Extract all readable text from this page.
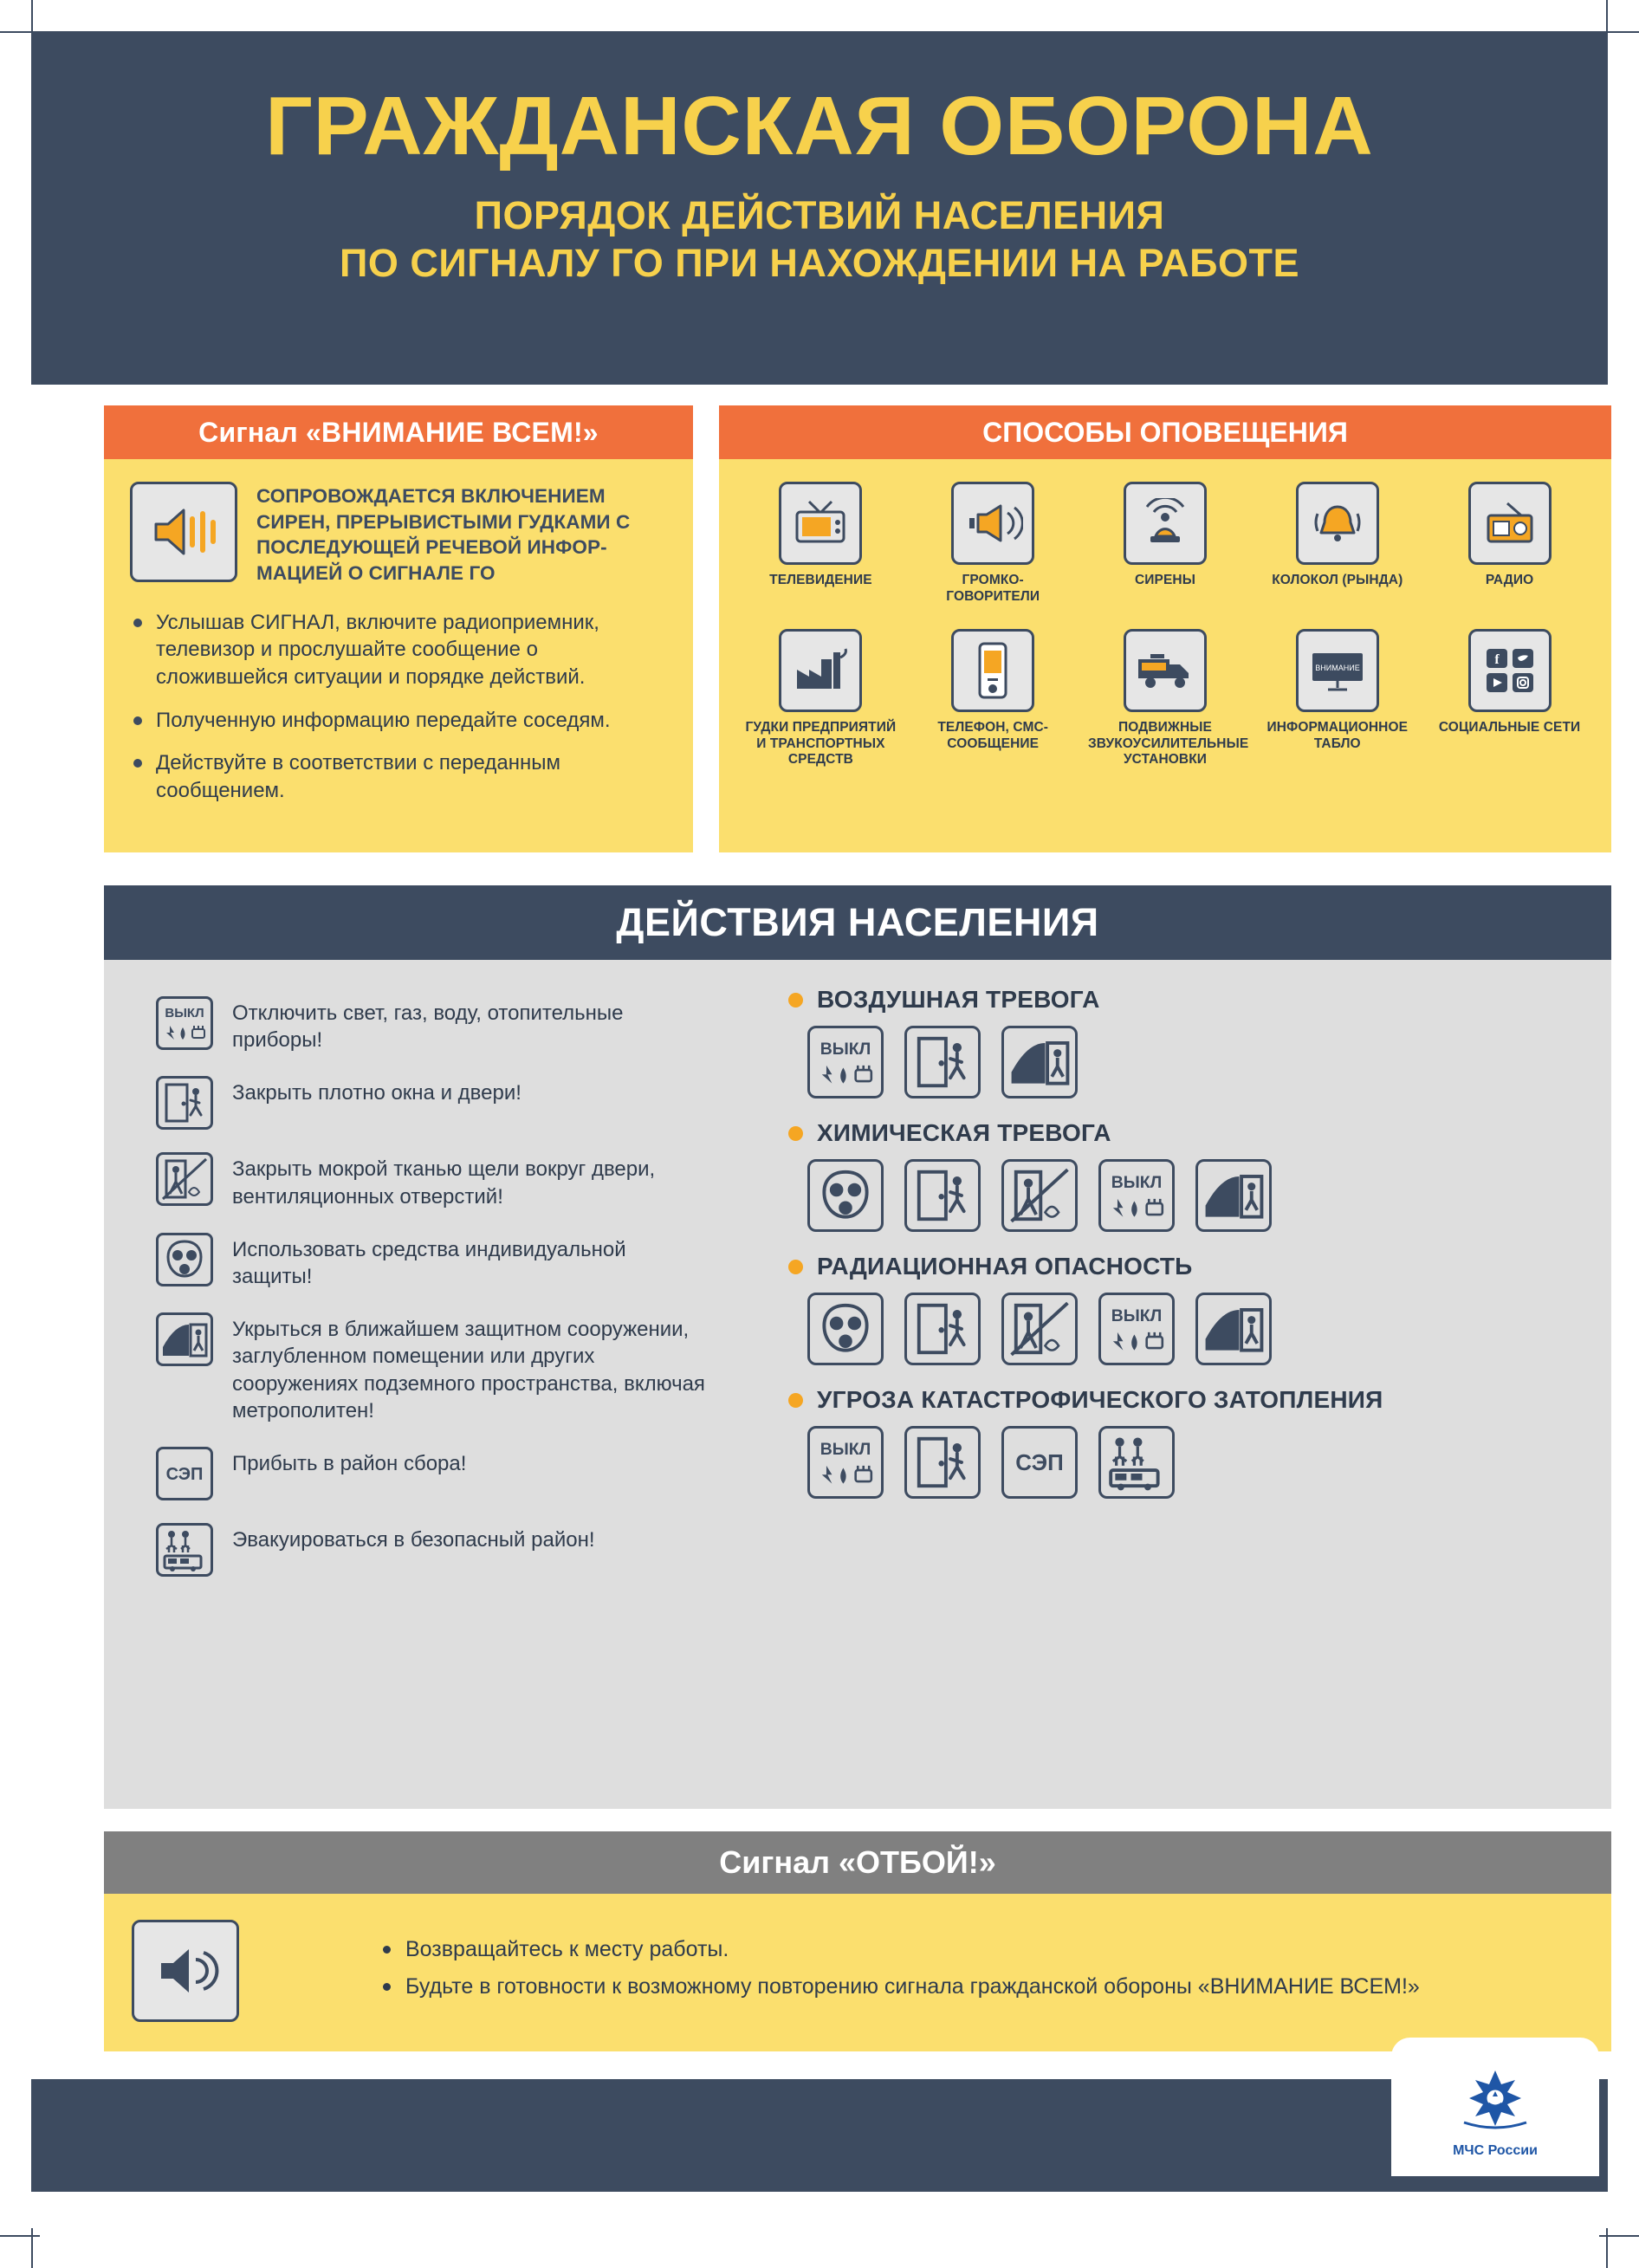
ГРАЖДАНСКАЯ ОБОРОНА
ПОРЯДОК ДЕЙСТВИЙ НАСЕЛЕНИЯ
ПО СИГНАЛУ ГО ПРИ НАХОЖДЕНИИ НА РАБОТЕ
Сигнал «ВНИМАНИЕ ВСЕМ!»

СОПРОВОЖДАЕТСЯ ВКЛЮЧЕНИЕМ СИРЕН, ПРЕРЫВИСТЫМИ ГУДКАМИ С ПОСЛЕДУЮЩЕЙ РЕЧЕВОЙ ИНФОР-МАЦИЕЙ О СИГНАЛЕ ГО

Услышав СИГНАЛ, включите радиоприемник, телевизор и прослушайте сообщение о сложившейся ситуации и порядке действий.
Полученную информацию передайте соседям.
Действуйте в соответствии с переданным сообщением.
СПОСОБЫ ОПОВЕЩЕНИЯ
ТЕЛЕВИДЕНИЕ	ГРОМКО-ГОВОРИТЕЛИ
СИРЕНЫ	КОЛОКОЛ (РЫНДА)	РАДИО
ГУДКИ ПРЕДПРИЯТИЙ И ТРАНСПОРТНЫХ СРЕДСТВ
ТЕЛЕФОН, СМС-СООБЩЕНИЕ
ПОДВИЖНЫЕ ЗВУКОУСИЛИТЕЛЬНЫЕ УСТАНОВКИ
ВНИМАНИЕ
ИНФОРМАЦИОННОЕ ТАБЛО
f
СОЦИАЛЬНЫЕ СЕТИ
ДЕЙСТВИЯ НАСЕЛЕНИЯ
ВЫКЛ Отключить свет, газ, воду, отопительные приборы!
Закрыть плотно окна и двери!
Закрыть мокрой тканью щели вокруг двери, вентиляционных отверстий!
Использовать средства индивидуальной защиты!
Укрыться в ближайшем защитном сооружении, заглубленном помещении или других сооружениях подземного пространства, включая метрополитен!
СЭП Прибыть в район сбора!
Эвакуироваться в безопасный район!
ВОЗДУШНАЯ ТРЕВОГА
ВЫКЛ
ХИМИЧЕСКАЯ ТРЕВОГА
ВЫКЛ
РАДИАЦИОННАЯ ОПАСНОСТЬ
ВЫКЛ
УГРОЗА КАТАСТРОФИЧЕСКОГО ЗАТОПЛЕНИЯ
ВЫКЛ
СЭП
Сигнал «ОТБОЙ!»
Возвращайтесь к месту работы.
Будьте в готовности к возможному повторению сигнала гражданской обороны «ВНИМАНИЕ ВСЕМ!»
МЧС России
